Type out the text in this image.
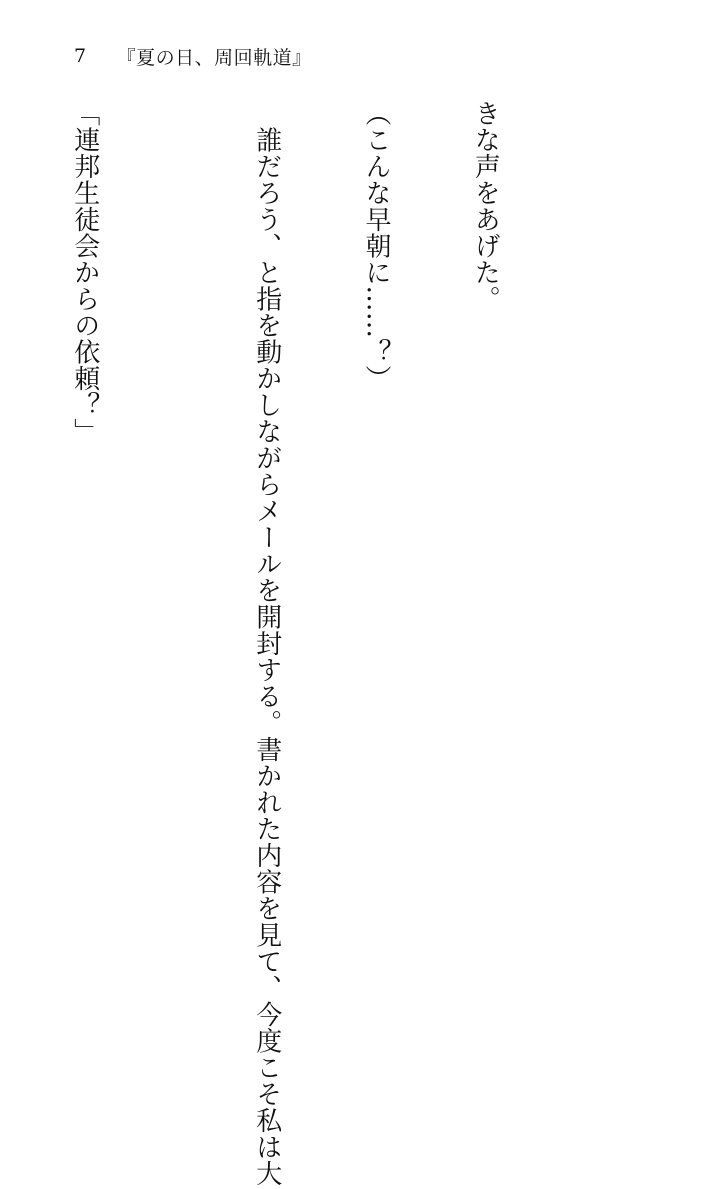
7 『夏の日、周回軌道』

きな声をあげた。

（こんな早朝に……？）

　誰だろう、と指を動かしながらメールを開封する。書かれた内容を見て、今度こそ私は大

「連邦生徒会からの依頼？」
